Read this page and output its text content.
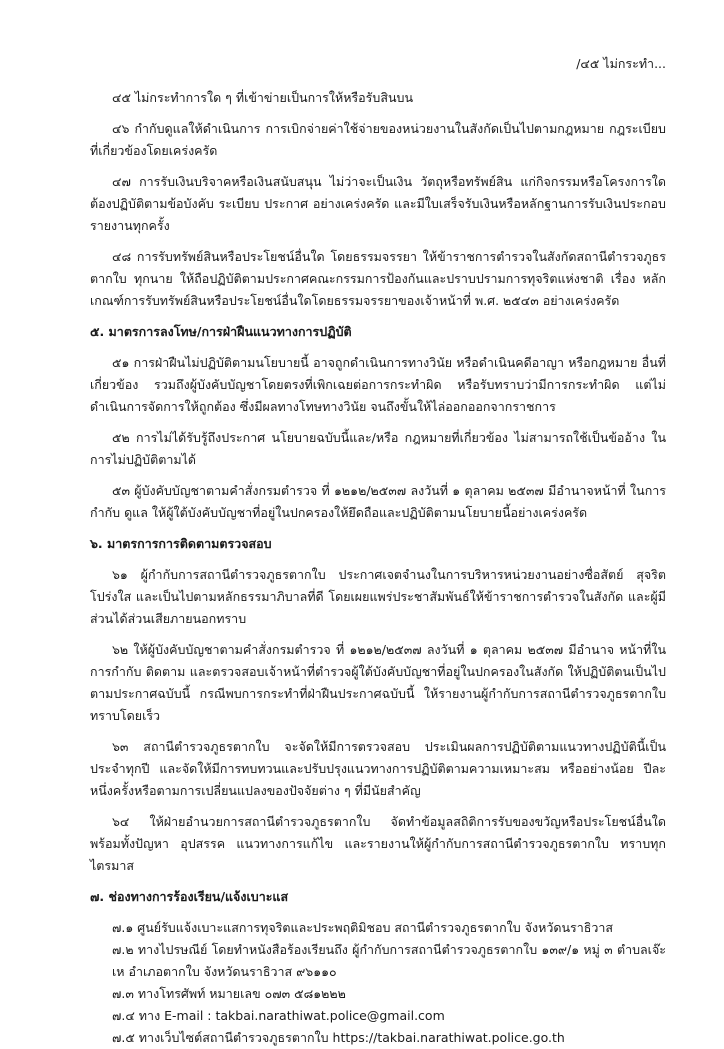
/๔๕ ไม่กระทำ...

๔๕ ไม่กระทำการใด ๆ ที่เข้าข่ายเป็นการให้หรือรับสินบน

๔๖ กำกับดูแลให้ดำเนินการ การเบิกจ่ายค่าใช้จ่ายของหน่วยงานในสังกัดเป็นไปตามกฎหมาย กฎระเบียบที่เกี่ยวข้องโดยเคร่งครัด

๔๗ การรับเงินบริจาคหรือเงินสนับสนุน ไม่ว่าจะเป็นเงิน วัตถุหรือทรัพย์สิน แก่กิจกรรมหรือโครงการใดต้องปฏิบัติตามข้อบังคับ ระเบียบ ประกาศ อย่างเคร่งครัด และมีใบเสร็จรับเงินหรือหลักฐานการรับเงินประกอบรายงานทุกครั้ง

๔๘ การรับทรัพย์สินหรือประโยชน์อื่นใด โดยธรรมจรรยา ให้ข้าราชการตำรวจในสังกัดสถานีตำรวจภูธรตากใบ ทุกนาย ให้ถือปฏิบัติตามประกาศคณะกรรมการป้องกันและปราบปรามการทุจริตแห่งชาติ เรื่อง หลักเกณฑ์การรับทรัพย์สินหรือประโยชน์อื่นใดโดยธรรมจรรยาของเจ้าหน้าที่ พ.ศ. ๒๕๔๓ อย่างเคร่งครัด

๕. มาตรการลงโทษ/การฝ่าฝืนแนวทางการปฏิบัติ

๕๑ การฝ่าฝืนไม่ปฏิบัติตามนโยบายนี้ อาจถูกดำเนินการทางวินัย หรือดำเนินคดีอาญา หรือกฎหมาย อื่นที่เกี่ยวข้อง รวมถึงผู้บังคับบัญชาโดยตรงที่เพิกเฉยต่อการกระทำผิด หรือรับทราบว่ามีการกระทำผิด แต่ไม่ดำเนินการจัดการให้ถูกต้อง ซึ่งมีผลทางโทษทางวินัย จนถึงขั้นให้ไล่ออกออกจากราชการ

๕๒ การไม่ได้รับรู้ถึงประกาศ นโยบายฉบับนี้และ/หรือ กฎหมายที่เกี่ยวข้อง ไม่สามารถใช้เป็นข้ออ้าง ในการไม่ปฏิบัติตามได้

๕๓ ผู้บังคับบัญชาตามคำสั่งกรมตำรวจ ที่ ๑๒๑๒/๒๕๓๗ ลงวันที่ ๑ ตุลาคม ๒๕๓๗ มีอำนาจหน้าที่ ในการกำกับ ดูแล ให้ผู้ใต้บังคับบัญชาที่อยู่ในปกครองให้ยึดถือและปฏิบัติตามนโยบายนี้อย่างเคร่งครัด

๖. มาตรการการติดตามตรวจสอบ

๖๑ ผู้กำกับการสถานีตำรวจภูธรตากใบ ประกาศเจตจำนงในการบริหารหน่วยงานอย่างซื่อสัตย์ สุจริต โปร่งใส และเป็นไปตามหลักธรรมาภิบาลที่ดี โดยเผยแพร่ประชาสัมพันธ์ให้ข้าราชการตำรวจในสังกัด และผู้มีส่วนได้ส่วนเสียภายนอกทราบ

๖๒ ให้ผู้บังคับบัญชาตามคำสั่งกรมตำรวจ ที่ ๑๒๑๒/๒๕๓๗ ลงวันที่ ๑ ตุลาคม ๒๕๓๗ มีอำนาจ หน้าที่ในการกำกับ ติดตาม และตรวจสอบเจ้าหน้าที่ตำรวจผู้ใต้บังคับบัญชาที่อยู่ในปกครองในสังกัด ให้ปฏิบัติตนเป็นไปตามประกาศฉบับนี้ กรณีพบการกระทำที่ฝ่าฝืนประกาศฉบับนี้ ให้รายงานผู้กำกับการสถานีตำรวจภูธรตากใบทราบโดยเร็ว

๖๓ สถานีตำรวจภูธรตากใบ จะจัดให้มีการตรวจสอบ ประเมินผลการปฏิบัติตามแนวทางปฏิบัตินี้เป็นประจำทุกปี และจัดให้มีการทบทวนและปรับปรุงแนวทางการปฏิบัติตามความเหมาะสม หรืออย่างน้อย ปีละหนึ่งครั้งหรือตามการเปลี่ยนแปลงของปัจจัยต่าง ๆ ที่มีนัยสำคัญ

๖๔ ให้ฝ่ายอำนวยการสถานีตำรวจภูธรตากใบ จัดทำข้อมูลสถิติการรับของขวัญหรือประโยชน์อื่นใด พร้อมทั้งปัญหา อุปสรรค แนวทางการแก้ไข และรายงานให้ผู้กำกับการสถานีตำรวจภูธรตากใบ ทราบทุกไตรมาส

๗. ช่องทางการร้องเรียน/แจ้งเบาะแส
๗.๑ ศูนย์รับแจ้งเบาะแสการทุจริตและประพฤติมิชอบ สถานีตำรวจภูธรตากใบ จังหวัดนราธิวาส
๗.๒ ทางไปรษณีย์ โดยทำหนังสือร้องเรียนถึง ผู้กำกับการสถานีตำรวจภูธรตากใบ ๑๓๙/๑ หมู่ ๓ ตำบลเจ๊ะเห อำเภอตากใบ จังหวัดนราธิวาส ๙๖๑๑๐
๗.๓ ทางโทรศัพท์ หมายเลข ๐๗๓ ๕๘๑๒๒๒
๗.๔ ทาง E-mail : takbai.narathiwat.police@gmail.com
๗.๕ ทางเว็บไซต์สถานีตำรวจภูธรตากใบ https://takbai.narathiwat.police.go.th
